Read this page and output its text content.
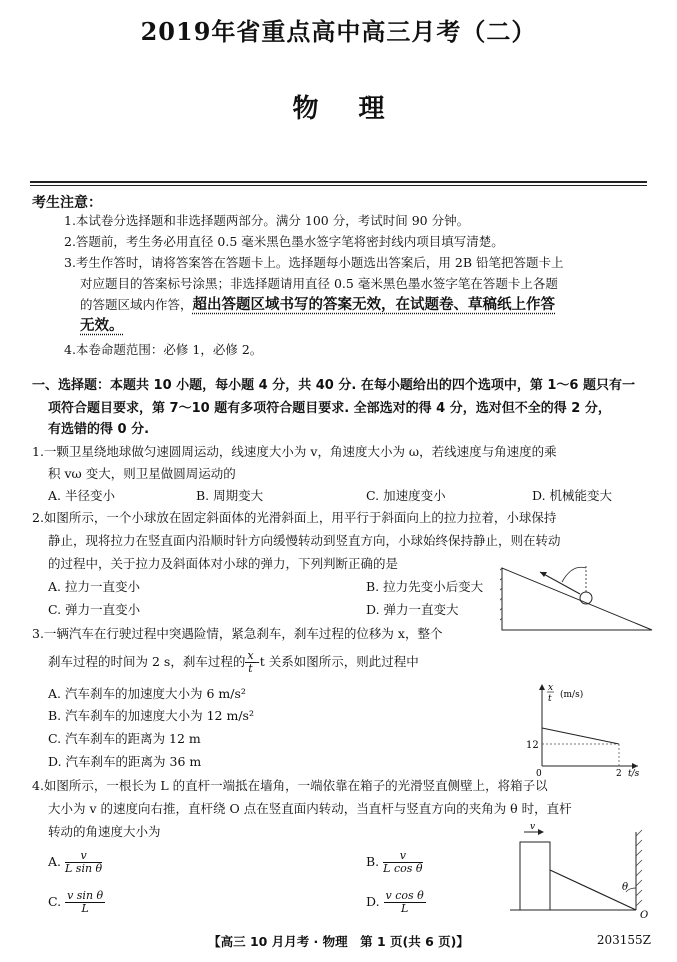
2019年省重点高中高三月考（二）
物理
考生注意：
1.本试卷分选择题和非选择题两部分。满分 100 分，考试时间 90 分钟。
2.答题前，考生务必用直径 0.5 毫米黑色墨水签字笔将密封线内项目填写清楚。
3.考生作答时，请将答案答在答题卡上。选择题每小题选出答案后，用 2B 铅笔把答题卡上
对应题目的答案标号涂黑；非选择题请用直径 0.5 毫米黑色墨水签字笔在答题卡上各题
的答题区域内作答，超出答题区域书写的答案无效，在试题卷、草稿纸上作答
无效。
4.本卷命题范围：必修 1，必修 2。
一、选择题：本题共 10 小题，每小题 4 分，共 40 分. 在每小题给出的四个选项中，第 1～6 题只有一
项符合题目要求，第 7～10 题有多项符合题目要求. 全部选对的得 4 分，选对但不全的得 2 分，
有选错的得 0 分.
1.一颗卫星绕地球做匀速圆周运动，线速度大小为 v，角速度大小为 ω，若线速度与角速度的乘
积 vω 变大，则卫星做圆周运动的
A. 半径变小	B. 周期变大	C. 加速度变小	D. 机械能变大
2.如图所示，一个小球放在固定斜面体的光滑斜面上，用平行于斜面向上的拉力拉着，小球保持
静止，现将拉力在竖直面内沿顺时针方向缓慢转动到竖直方向，小球始终保持静止，则在转动
的过程中，关于拉力及斜面体对小球的弹力，下列判断正确的是
A. 拉力一直变小	B. 拉力先变小后变大
C. 弹力一直变小	D. 弹力一直变大
3.一辆汽车在行驶过程中突遇险情，紧急刹车，刹车过程的位移为 x，整个
刹车过程的时间为 2 s，刹车过程的 $\frac{x}{t} -t$ 关系如图所示，则此过程中
A. 汽车刹车的加速度大小为 6 m/s²
B. 汽车刹车的加速度大小为 12 m/s²
C. 汽车刹车的距离为 12 m
D. 汽车刹车的距离为 36 m
x
t (m/s)
12
0	2 t/s
4.如图所示，一根长为 L 的直杆一端抵在墙角，一端依靠在箱子的光滑竖直侧壁上，将箱子以
大小为 v 的速度向右推，直杆绕 O 点在竖直面内转动，当直杆与竖直方向的夹角为 θ 时，直杆
转动的角速度大小为
A. $\frac{v}{\text{L sin θ}}$	B. $\frac{v}{\text{L cos θ}}$
C. $\frac{\text{v sin θ}}{L}$	D. $\frac{\text{v cos θ}}{L}$
v
θ
O
【高三 10 月月考 · 物理　第 1 页(共 6 页)】	203155Z
